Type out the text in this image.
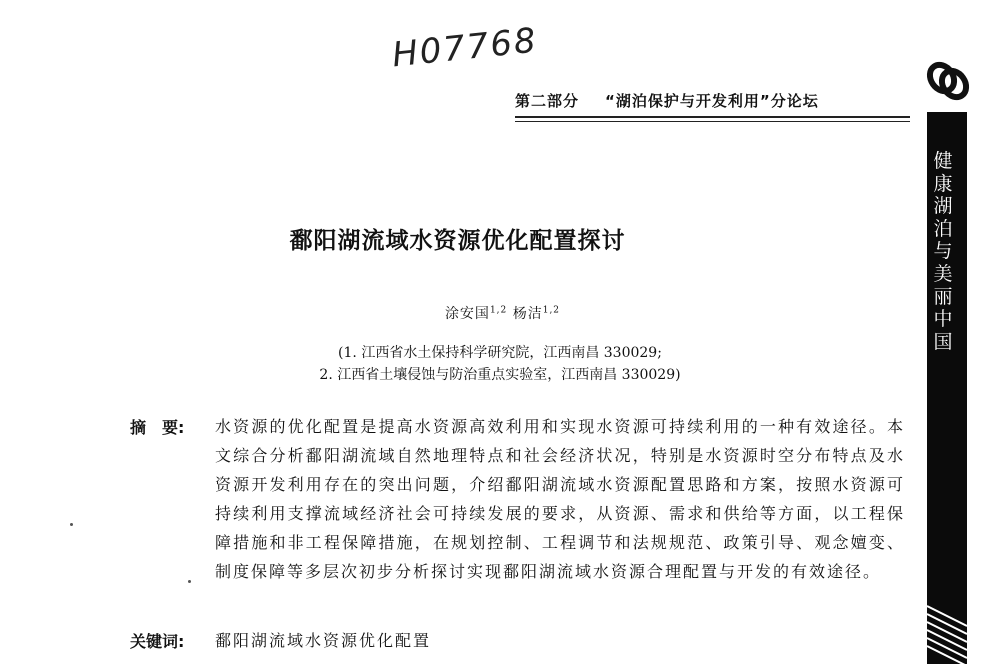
H07768
第二部分 “湖泊保护与开发利用”分论坛
健康湖泊与美丽中国
鄱阳湖流域水资源优化配置探讨
涂安国$^{1,2}$ 杨洁$^{1,2}$
(1. 江西省水土保持科学研究院，江西南昌 330029;
2. 江西省土壤侵蚀与防治重点实验室，江西南昌 330029)
摘　要: 水资源的优化配置是提高水资源高效利用和实现水资源可持续利用的一种有效途径。本文综合分析鄱阳湖流域自然地理特点和社会经济状况，特别是水资源时空分布特点及水资源开发利用存在的突出问题，介绍鄱阳湖流域水资源配置思路和方案，按照水资源可持续利用支撑流域经济社会可持续发展的要求，从资源、需求和供给等方面，以工程保障措施和非工程保障措施，在规划控制、工程调节和法规规范、政策引导、观念嬗变、制度保障等多层次初步分析探讨实现鄱阳湖流域水资源合理配置与开发的有效途径。
关键词: 鄱阳湖流域水资源优化配置
